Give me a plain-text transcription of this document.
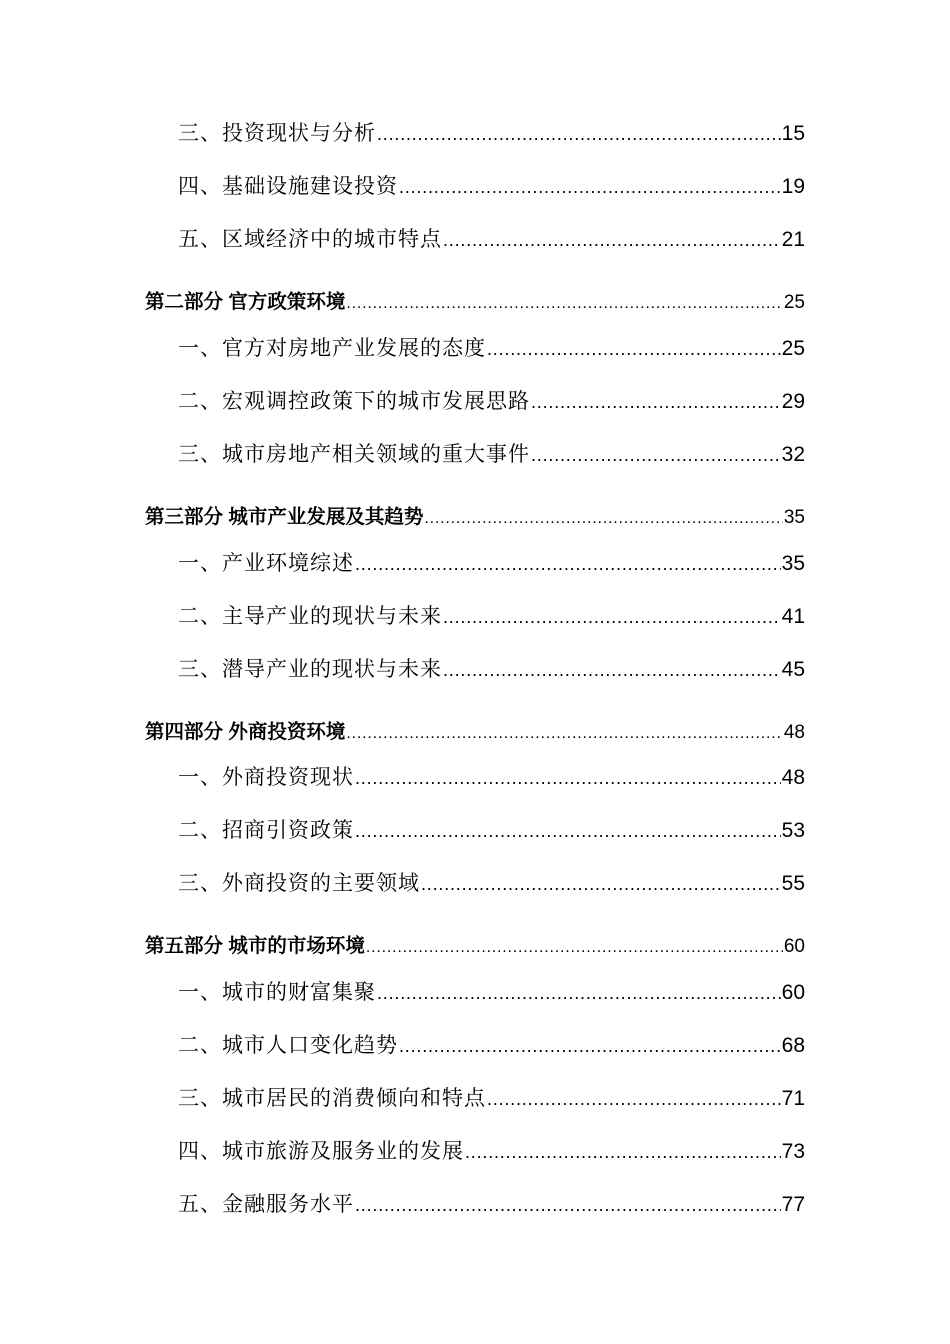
三、投资现状与分析 .....	15
四、基础设施建设投资 .....	19
五、区域经济中的城市特点 .....	21
第二部分 官方政策环境 .....	25
一、官方对房地产业发展的态度 .....	25
二、宏观调控政策下的城市发展思路 .....	29
三、城市房地产相关领域的重大事件 .....	32
第三部分 城市产业发展及其趋势 .....	35
一、产业环境综述 .....	35
二、主导产业的现状与未来 .....	41
三、潜导产业的现状与未来 .....	45
第四部分 外商投资环境 .....	48
一、外商投资现状 .....	48
二、招商引资政策 .....	53
三、外商投资的主要领域 .....	55
第五部分 城市的市场环境 .....	60
一、城市的财富集聚 .....	60
二、城市人口变化趋势 .....	68
三、城市居民的消费倾向和特点 .....	71
四、城市旅游及服务业的发展 .....	73
五、金融服务水平 .....	77
